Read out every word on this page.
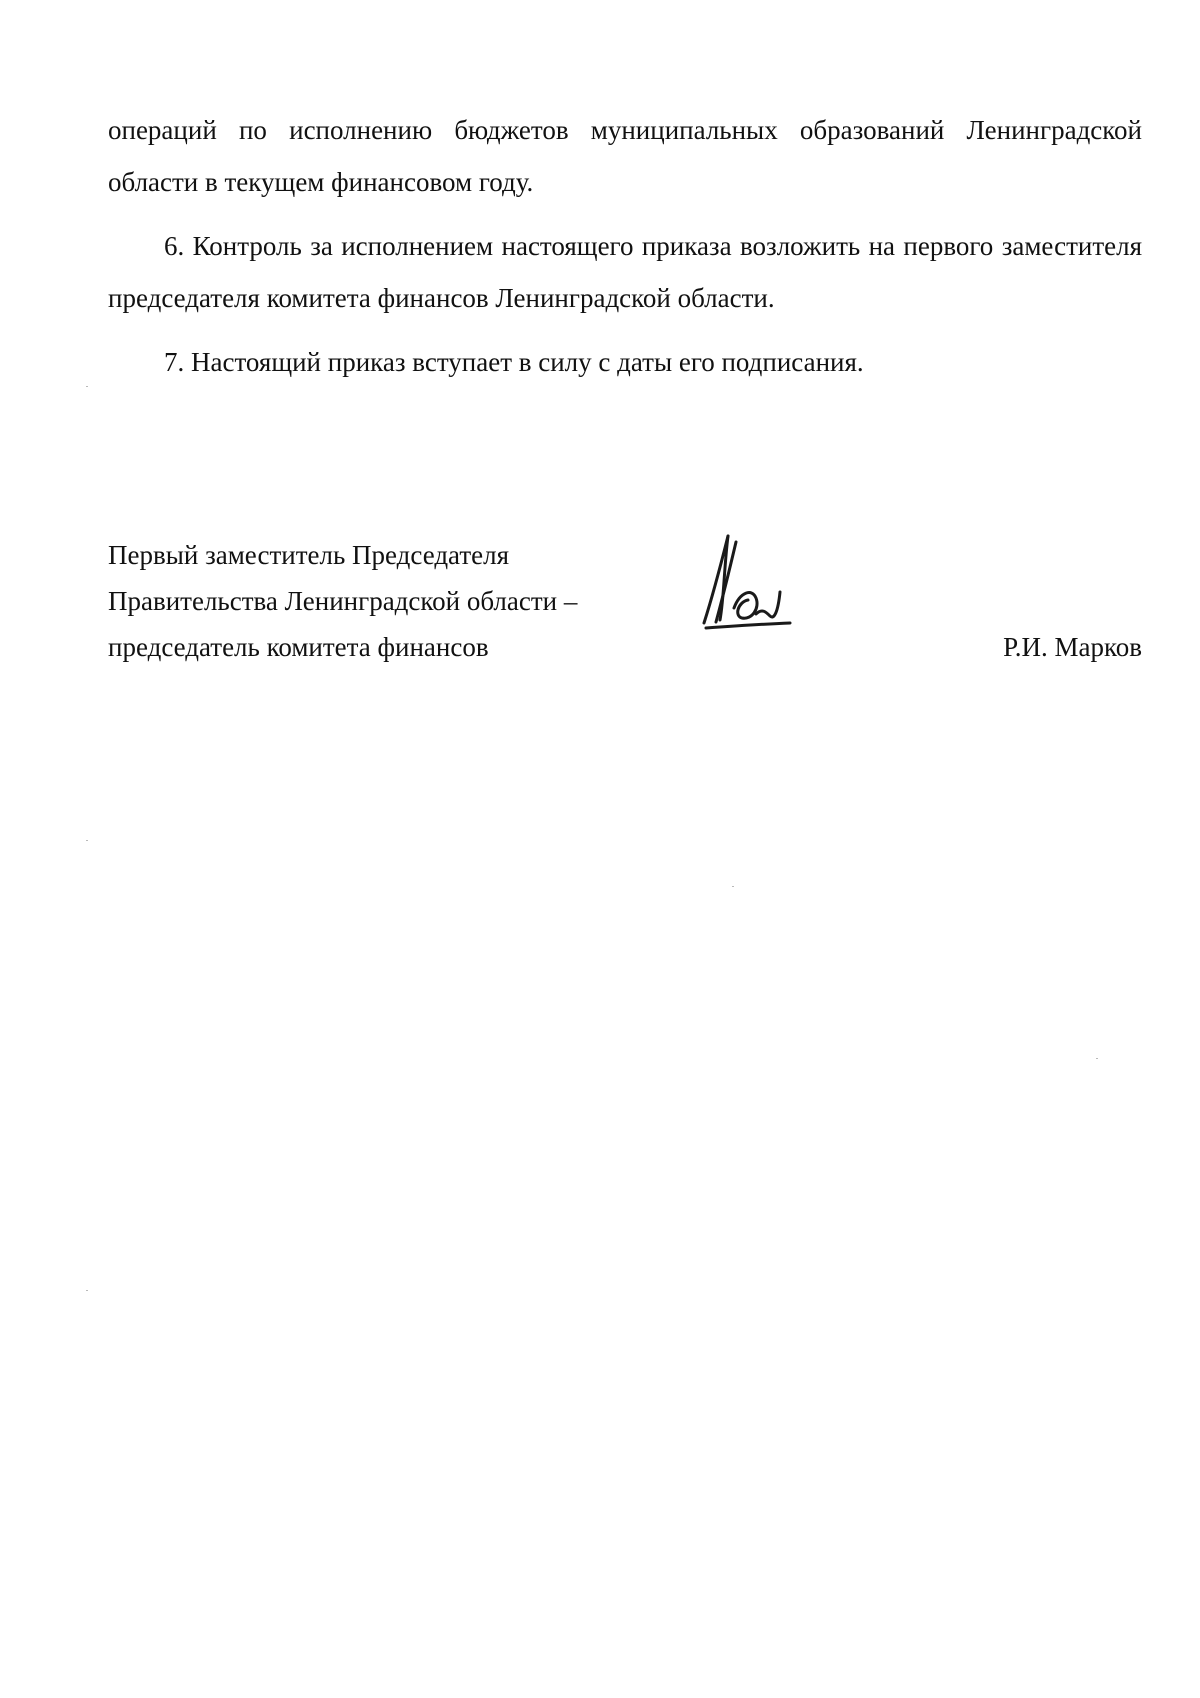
операций по исполнению бюджетов муниципальных образований Ленинградской области в текущем финансовом году.

6. Контроль за исполнением настоящего приказа возложить на первого заместителя председателя комитета финансов Ленинградской области.

7. Настоящий приказ вступает в силу с даты его подписания.

Первый заместитель Председателя
Правительства Ленинградской области –
председатель комитета финансов	Р.И. Марков
